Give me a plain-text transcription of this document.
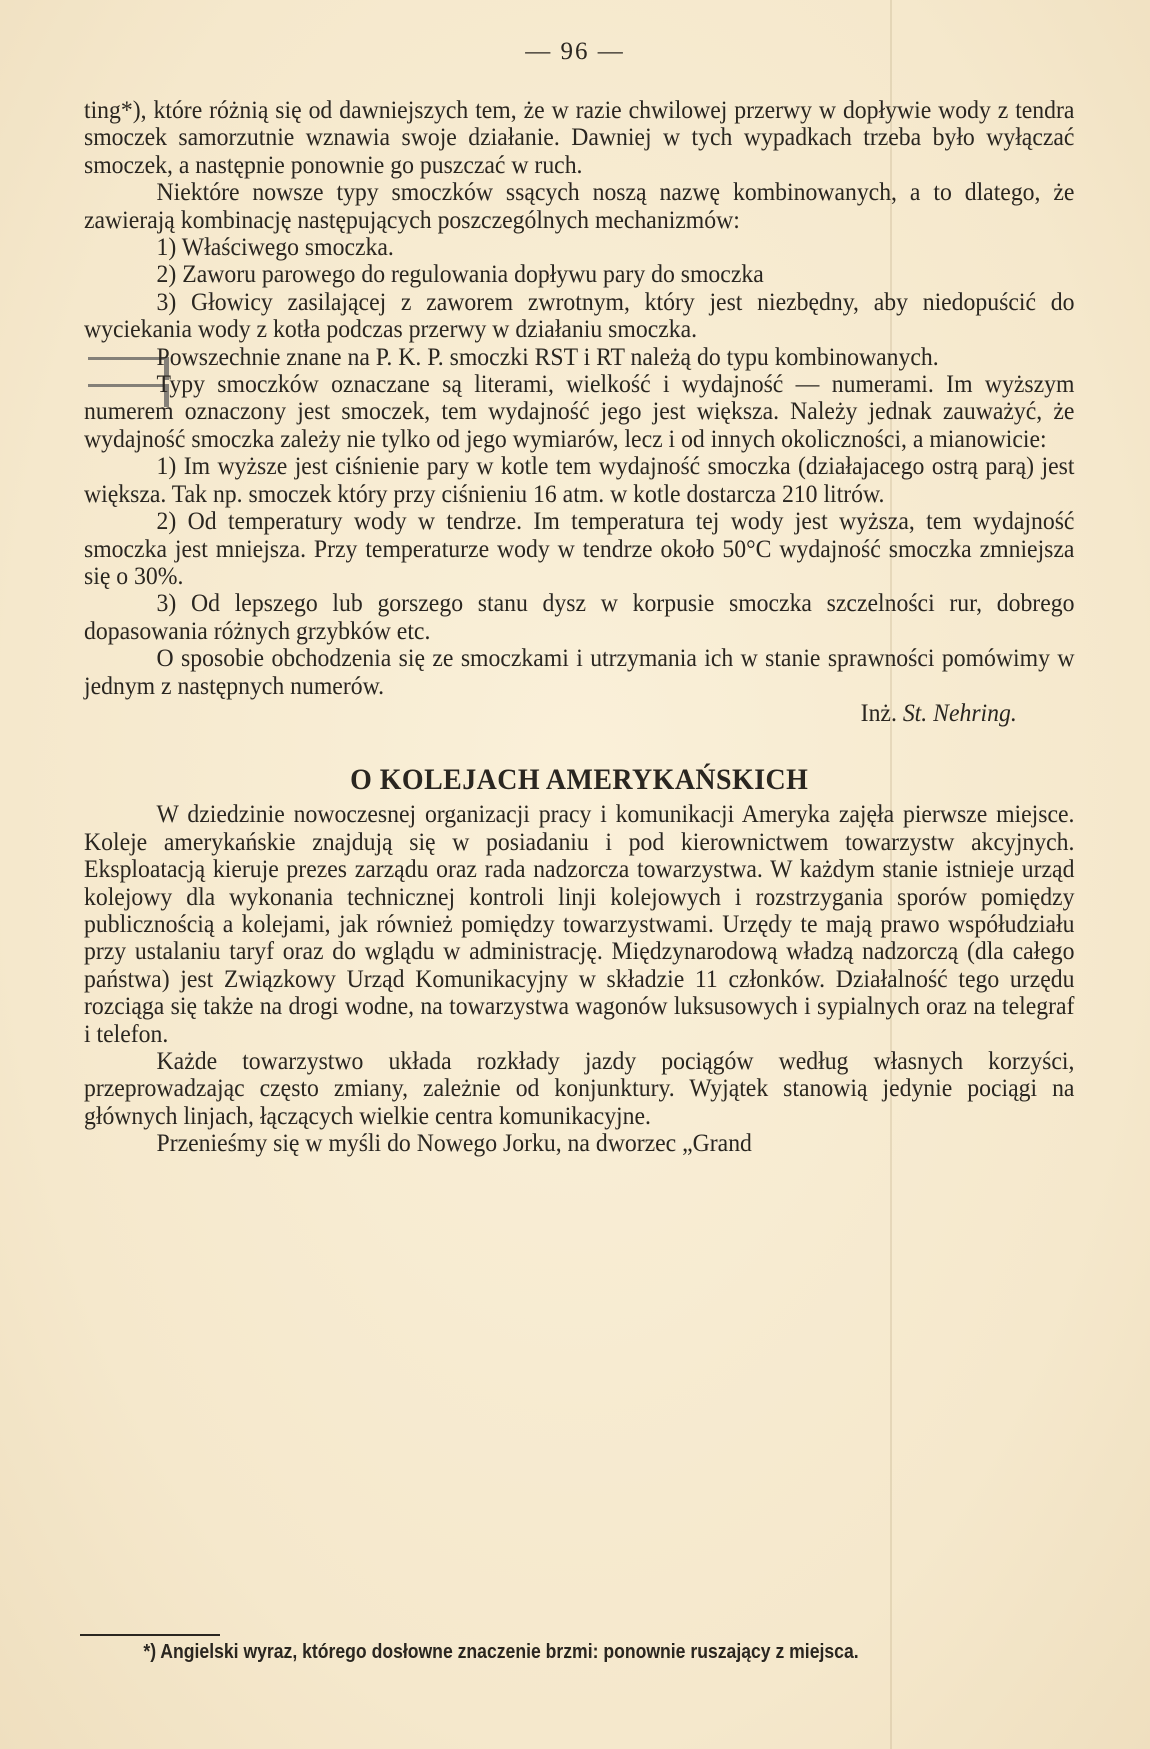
— 96 —

ting*), które różnią się od dawniejszych tem, że w razie chwilowej przerwy w dopływie wody z tendra smoczek samorzutnie wznawia swoje działanie. Dawniej w tych wypadkach trzeba było wyłączać smoczek, a następnie ponownie go puszczać w ruch.

Niektóre nowsze typy smoczków ssących noszą nazwę kombinowanych, a to dlatego, że zawierają kombinację następujących poszczególnych mechanizmów:

1) Właściwego smoczka.

2) Zaworu parowego do regulowania dopływu pary do smoczka

3) Głowicy zasilającej z zaworem zwrotnym, który jest niezbędny, aby niedopuścić do wyciekania wody z kotła podczas przerwy w działaniu smoczka.

Powszechnie znane na P. K. P. smoczki RST i RT należą do typu kombinowanych.

Typy smoczków oznaczane są literami, wielkość i wydajność — numerami. Im wyższym numerem oznaczony jest smoczek, tem wydajność jego jest większa. Należy jednak zauważyć, że wydajność smoczka zależy nie tylko od jego wymiarów, lecz i od innych okoliczności, a mianowicie:

1) Im wyższe jest ciśnienie pary w kotle tem wydajność smoczka (działajacego ostrą parą) jest większa. Tak np. smoczek który przy ciśnieniu 16 atm. w kotle dostarcza 210 litrów.

2) Od temperatury wody w tendrze. Im temperatura tej wody jest wyższa, tem wydajność smoczka jest mniejsza. Przy temperaturze wody w tendrze około 50°C wydajność smoczka zmniejsza się o 30%.

3) Od lepszego lub gorszego stanu dysz w korpusie smoczka szczelności rur, dobrego dopasowania różnych grzybków etc.

O sposobie obchodzenia się ze smoczkami i utrzymania ich w stanie sprawności pomówimy w jednym z następnych numerów.

Inż. St. Nehring.

O KOLEJACH AMERYKAŃSKICH

W dziedzinie nowoczesnej organizacji pracy i komunikacji Ameryka zajęła pierwsze miejsce. Koleje amerykańskie znajdują się w posiadaniu i pod kierownictwem towarzystw akcyjnych. Eksploatacją kieruje prezes zarządu oraz rada nadzorcza towarzystwa. W każdym stanie istnieje urząd kolejowy dla wykonania technicznej kontroli linji kolejowych i rozstrzygania sporów pomiędzy publicznością a kolejami, jak również pomiędzy towarzystwami. Urzędy te mają prawo współudziału przy ustalaniu taryf oraz do wglądu w administrację. Międzynarodową władzą nadzorczą (dla całego państwa) jest Związkowy Urząd Komunikacyjny w składzie 11 członków. Działalność tego urzędu rozciąga się także na drogi wodne, na towarzystwa wagonów luksusowych i sypialnych oraz na telegraf i telefon.

Każde towarzystwo układa rozkłady jazdy pociągów według własnych korzyści, przeprowadzając często zmiany, zależnie od konjunktury. Wyjątek stanowią jedynie pociągi na głównych linjach, łączących wielkie centra komunikacyjne.

Przenieśmy się w myśli do Nowego Jorku, na dworzec „Grand

*) Angielski wyraz, którego dosłowne znaczenie brzmi: ponownie ruszający z miejsca.
